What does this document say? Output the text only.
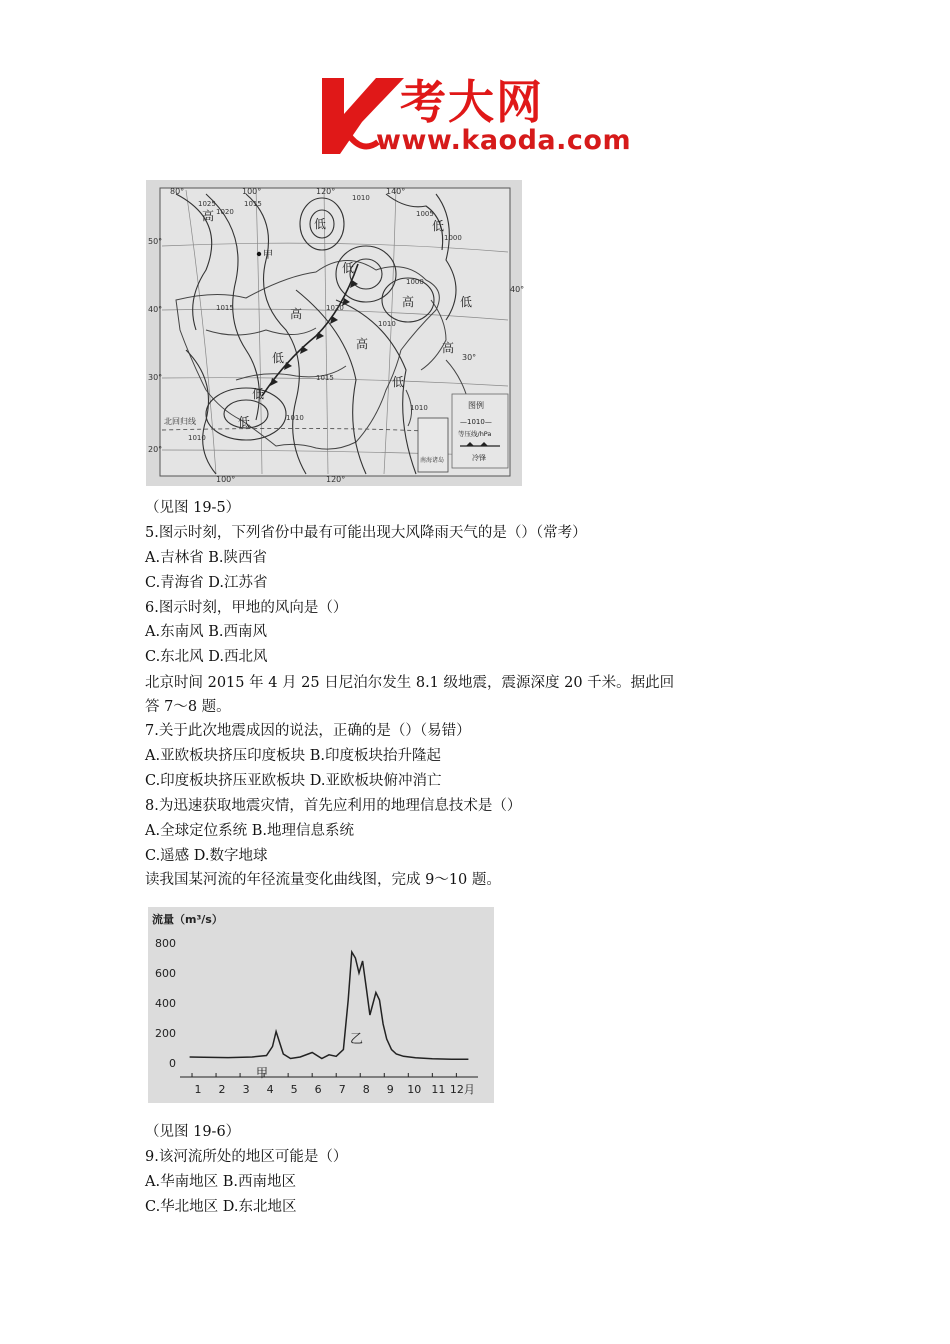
考大网
www.kaoda.com
高
低
低
低
高	低
高
高
低
高
低
低
低
甲
1025
1020
1015
1010
1005
1000
1015	1020
1010
1000
1010
1010
1015
1010
80°	100°	120°	140°
100°	120°
50°
40°
30°
20°
40°
30°
北回归线
南海诸岛
图例
—1010—
等压线/hPa
冷锋
（见图 19-5）
5.图示时刻，下列省份中最有可能出现大风降雨天气的是（）（常考）
A.吉林省 B.陕西省
C.青海省 D.江苏省
6.图示时刻，甲地的风向是（）
A.东南风 B.西南风
C.东北风 D.西北风
北京时间 2015 年 4 月 25 日尼泊尔发生 8.1 级地震，震源深度 20 千米。据此回
答 7～8 题。
7.关于此次地震成因的说法，正确的是（）（易错）
A.亚欧板块挤压印度板块 B.印度板块抬升隆起
C.印度板块挤压亚欧板块 D.亚欧板块俯冲消亡
8.为迅速获取地震灾情，首先应利用的地理信息技术是（）
A.全球定位系统 B.地理信息系统
C.遥感 D.数字地球
读我国某河流的年径流量变化曲线图，完成 9～10 题。
流量（m³/s）
800
600
400
200
0
1 2 3 4 5 6 7 8 9 10 11 12月
甲
乙
（见图 19-6）
9.该河流所处的地区可能是（）
A.华南地区 B.西南地区
C.华北地区 D.东北地区
